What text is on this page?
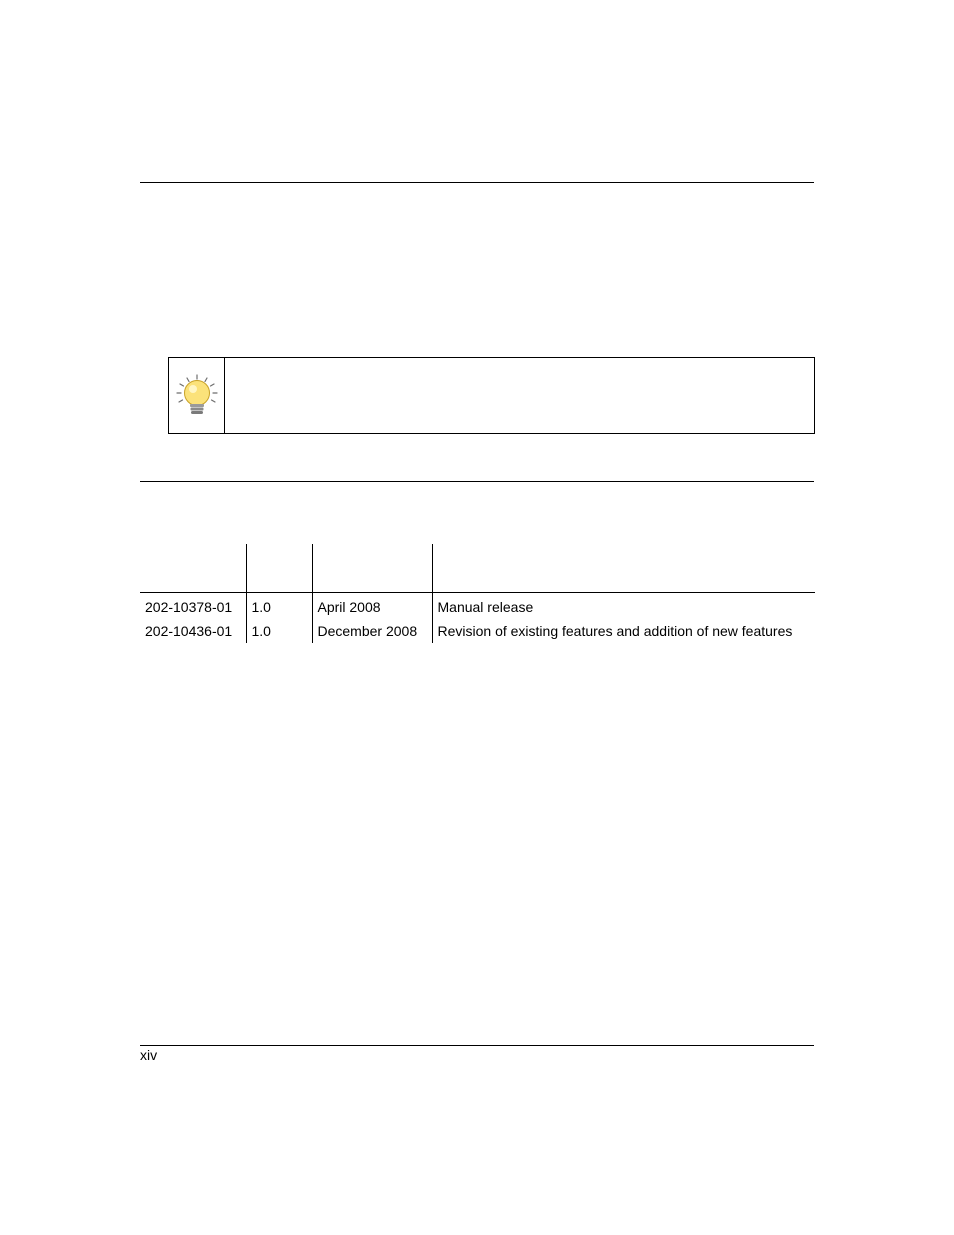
202-10378-01	1.0	April 2008	Manual release
202-10436-01	1.0	December 2008	Revision of existing features and addition of new features
xiv
